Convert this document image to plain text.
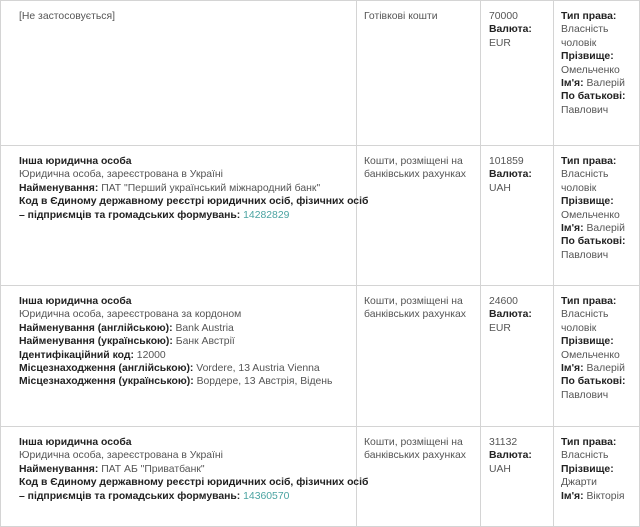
[Не застосовується]	Готівкові кошти	70000
Валюта:
EUR
Тип права:
Власність
чоловік
Прізвище:
Омельченко
Ім'я: Валерій
По батькові:
Павлович
Інша юридична особа
Юридична особа, зареєстрована в Україні
Найменування: ПАТ "Перший український міжнародний банк"
Код в Єдиному державному реєстрі юридичних осіб, фізичних осіб
– підприємців та громадських формувань: 14282829
Кошти, розміщені на
банківських рахунках
101859
Валюта:
UAH
Тип права:
Власність
чоловік
Прізвище:
Омельченко
Ім'я: Валерій
По батькові:
Павлович
Інша юридична особа
Юридична особа, зареєстрована за кордоном
Найменування (англійською): Bank Austria
Найменування (українською): Банк Австрії
Ідентифікаційний код: 12000
Місцезнаходження (англійською): Vordere, 13 Austria Vienna
Місцезнаходження (українською): Вордере, 13 Австрія, Відень
Кошти, розміщені на
банківських рахунках
24600
Валюта:
EUR
Тип права:
Власність
чоловік
Прізвище:
Омельченко
Ім'я: Валерій
По батькові:
Павлович
Інша юридична особа
Юридична особа, зареєстрована в Україні
Найменування: ПАТ АБ "Приватбанк"
Код в Єдиному державному реєстрі юридичних осіб, фізичних осіб
– підприємців та громадських формувань: 14360570
Кошти, розміщені на
банківських рахунках
31132
Валюта:
UAH
Тип права:
Власність
Прізвище:
Джарти
Ім'я: Вікторія
